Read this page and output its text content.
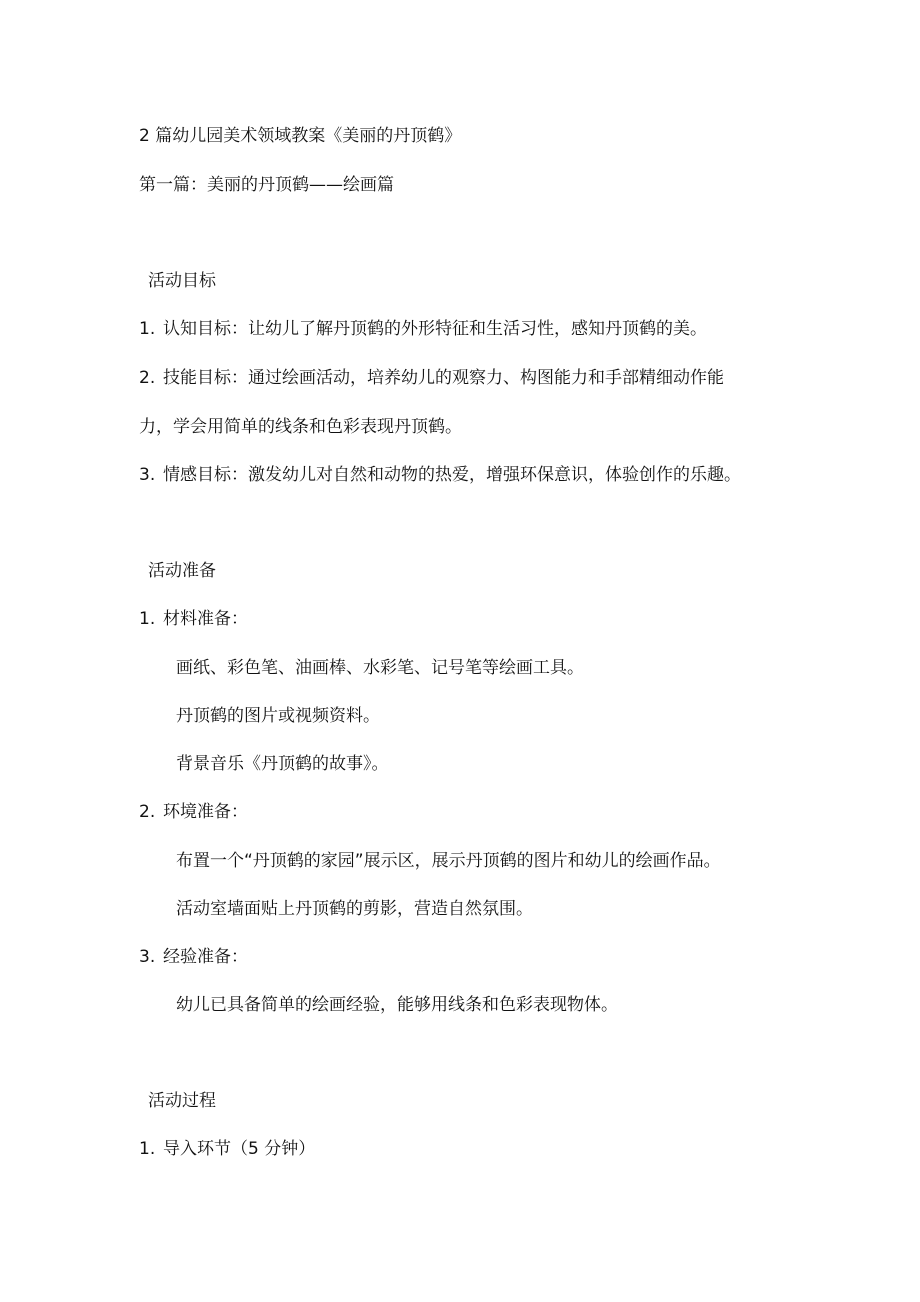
2 篇幼儿园美术领域教案《美丽的丹顶鹤》
第一篇：美丽的丹顶鹤——绘画篇
活动目标
1. 认知目标：让幼儿了解丹顶鹤的外形特征和生活习性，感知丹顶鹤的美。
2. 技能目标：通过绘画活动，培养幼儿的观察力、构图能力和手部精细动作能
力，学会用简单的线条和色彩表现丹顶鹤。
3. 情感目标：激发幼儿对自然和动物的热爱，增强环保意识，体验创作的乐趣。
活动准备
1. 材料准备：
画纸、彩色笔、油画棒、水彩笔、记号笔等绘画工具。
丹顶鹤的图片或视频资料。
背景音乐《丹顶鹤的故事》。
2. 环境准备：
布置一个“丹顶鹤的家园”展示区，展示丹顶鹤的图片和幼儿的绘画作品。
活动室墙面贴上丹顶鹤的剪影，营造自然氛围。
3. 经验准备：
幼儿已具备简单的绘画经验，能够用线条和色彩表现物体。
活动过程
1. 导入环节（5 分钟）
